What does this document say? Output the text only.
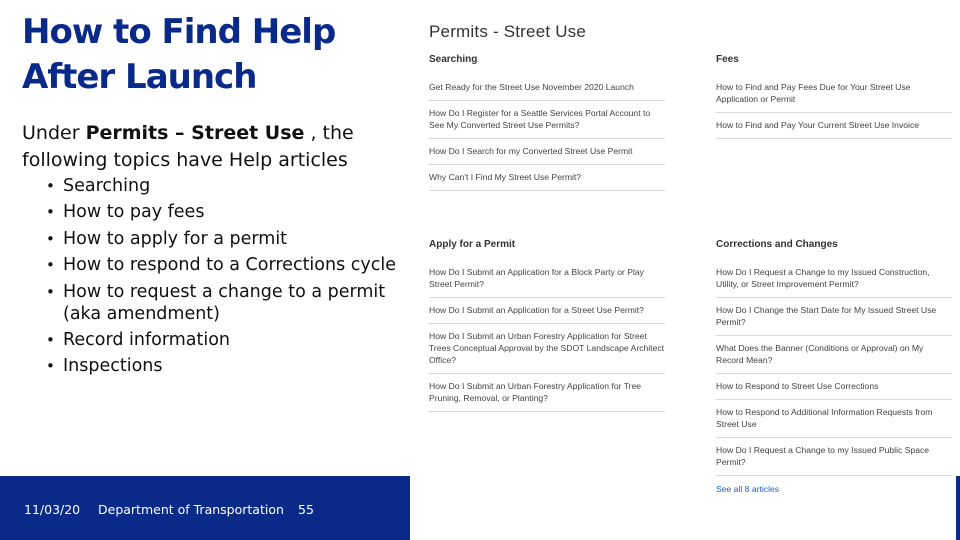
How to Find Help
After Launch
Under Permits – Street Use , the following topics have Help articles
• Searching
• How to pay fees
• How to apply for a permit
• How to respond to a Corrections cycle
• How to request a change to a permit (aka amendment)
• Record information
• Inspections
11/03/20 Department of Transportation 55
Permits - Street Use
Searching
Get Ready for the Street Use November 2020 Launch
How Do I Register for a Seattle Services Portal Account to See My Converted Street Use Permits?
How Do I Search for my Converted Street Use Permit
Why Can't I Find My Street Use Permit?
Fees
How to Find and Pay Fees Due for Your Street Use Application or Permit
How to Find and Pay Your Current Street Use Invoice
Apply for a Permit
How Do I Submit an Application for a Block Party or Play Street Permit?
How Do I Submit an Application for a Street Use Permit?
How Do I Submit an Urban Forestry Application for Street Trees Conceptual Approval by the SDOT Landscape Architect Office?
How Do I Submit an Urban Forestry Application for Tree Pruning, Removal, or Planting?
Corrections and Changes
How Do I Request a Change to my Issued Construction, Utility, or Street Improvement Permit?
How Do I Change the Start Date for My Issued Street Use Permit?
What Does the Banner (Conditions or Approval) on My Record Mean?
How to Respond to Street Use Corrections
How to Respond to Additional Information Requests from Street Use
How Do I Request a Change to my Issued Public Space Permit?
See all 8 articles
